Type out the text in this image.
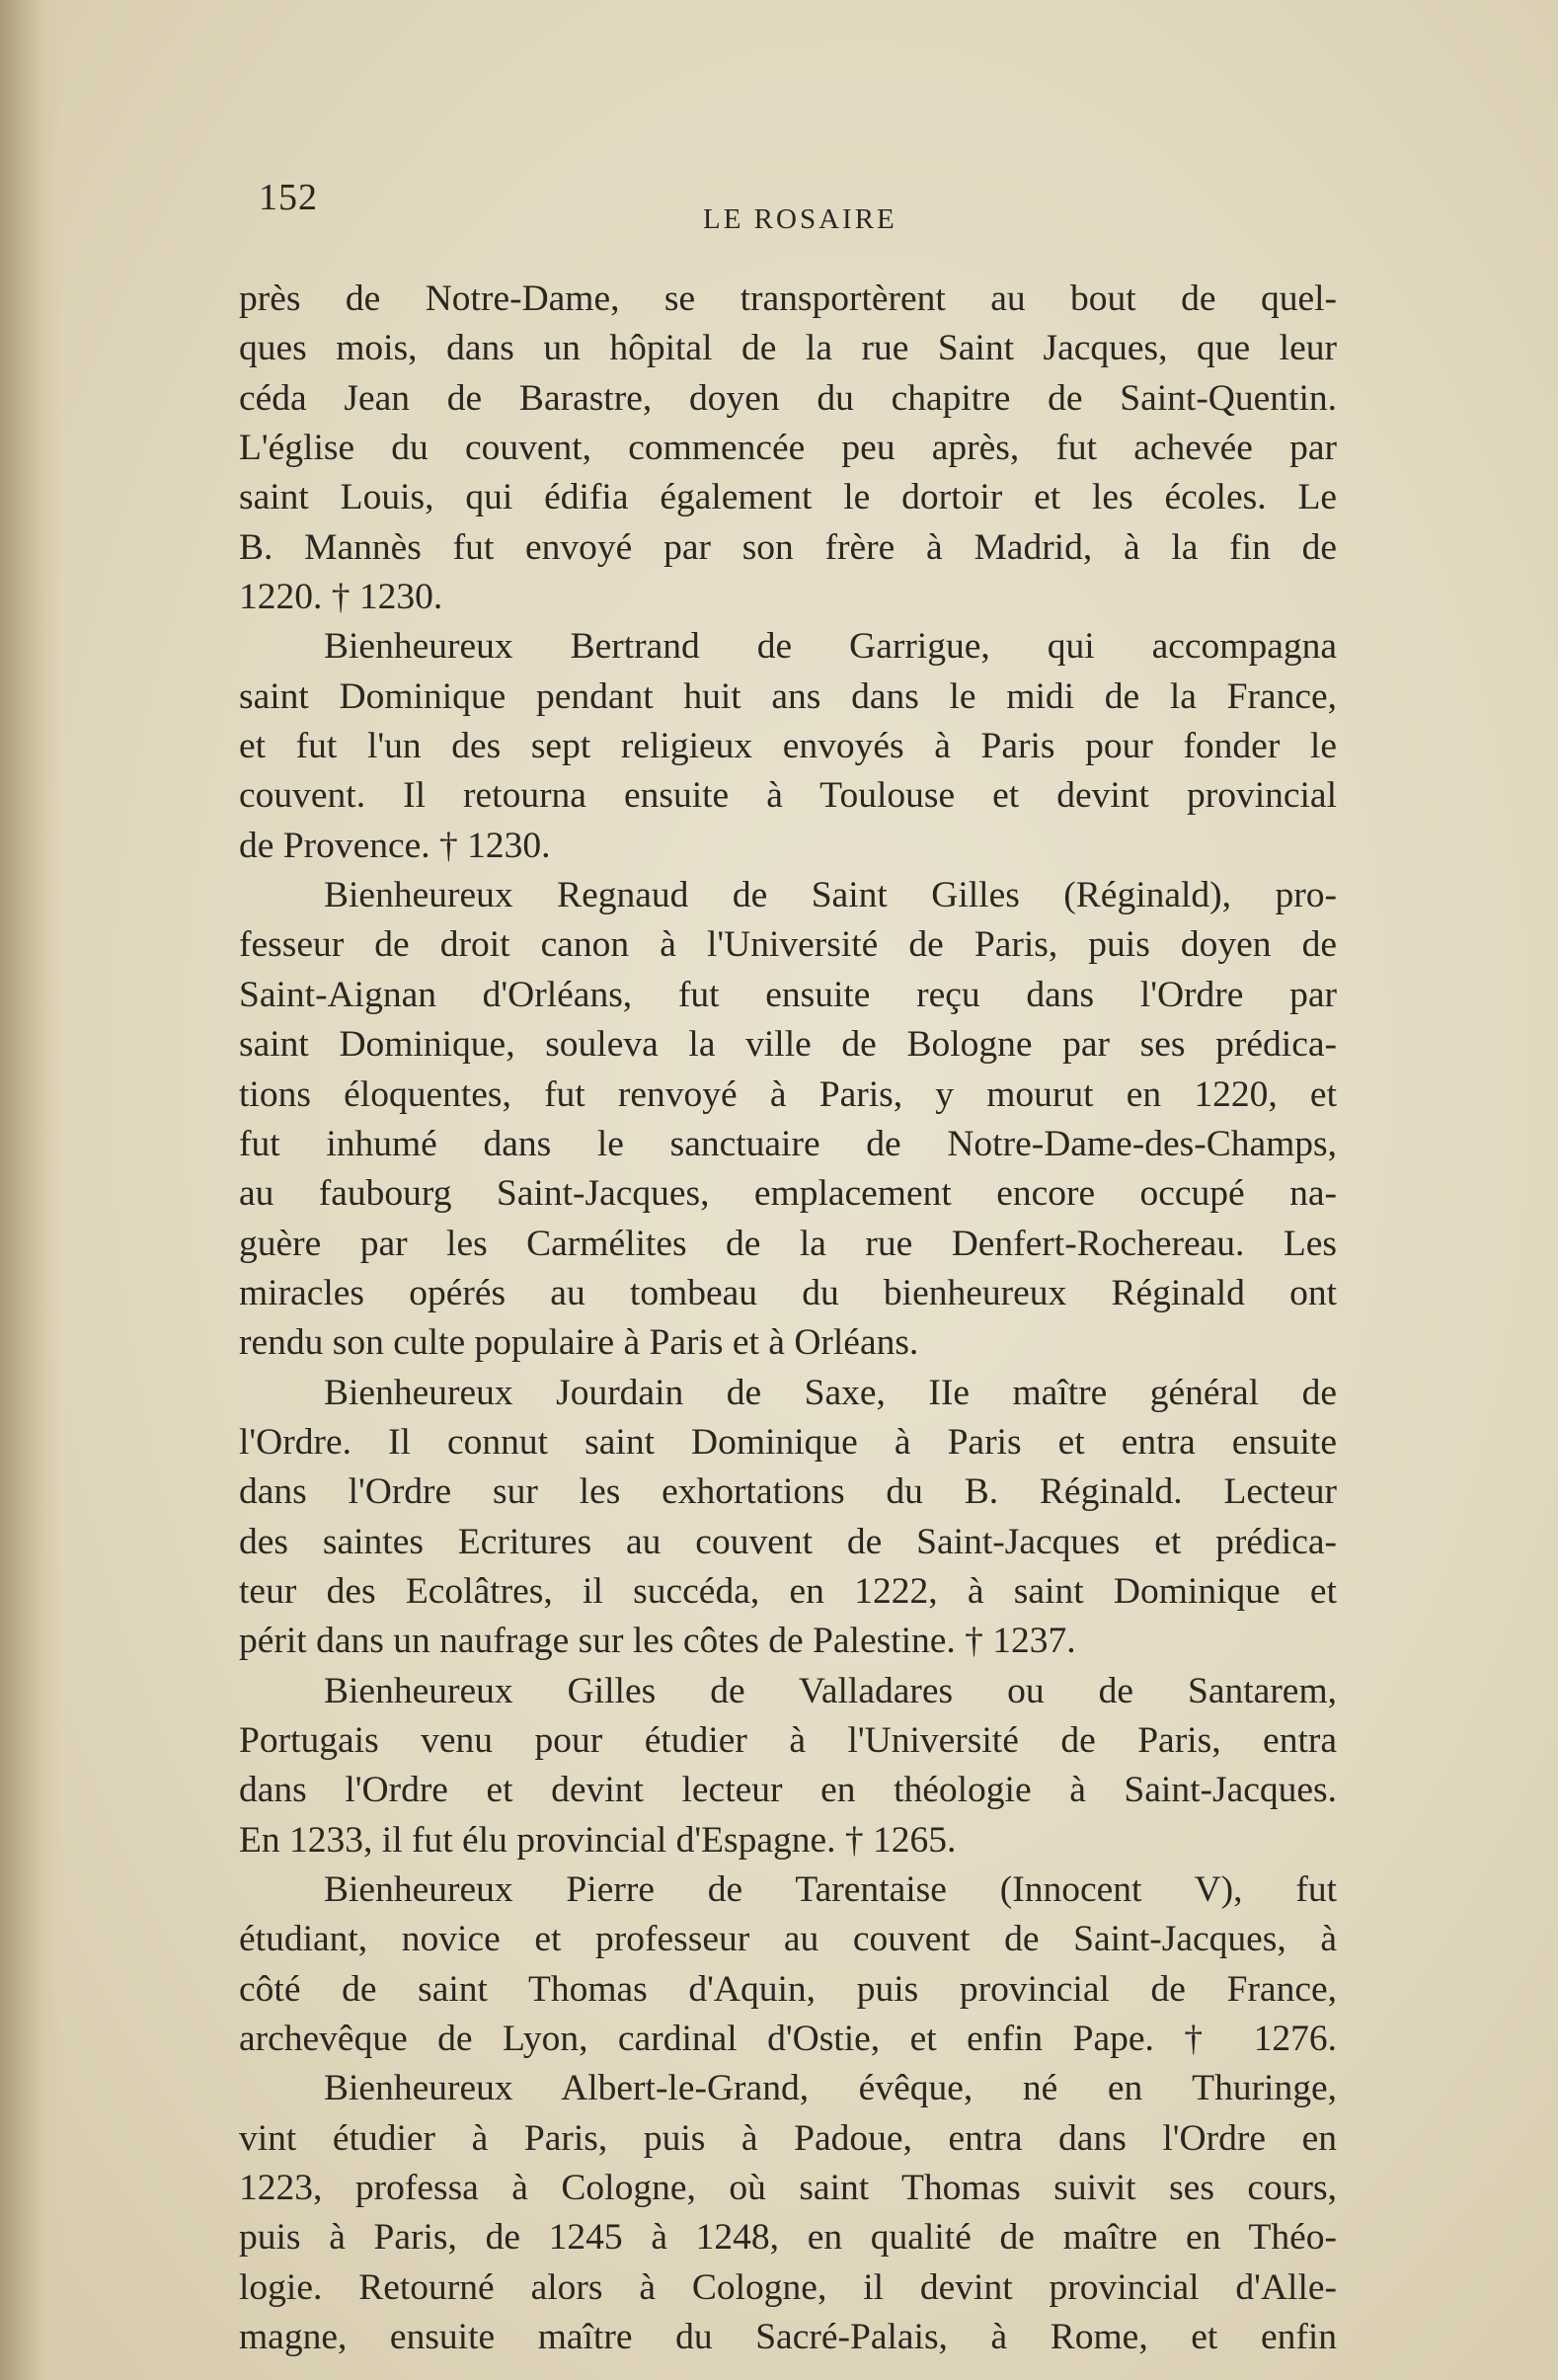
152
LE ROSAIRE
près de Notre-Dame, se transportèrent au bout de quel-
ques mois, dans un hôpital de la rue Saint Jacques, que leur
céda Jean de Barastre, doyen du chapitre de Saint-Quentin.
L'église du couvent, commencée peu après, fut achevée par
saint Louis, qui édifia également le dortoir et les écoles. Le
B. Mannès fut envoyé par son frère à Madrid, à la fin de
1220. † 1230.
Bienheureux Bertrand de Garrigue, qui accompagna
saint Dominique pendant huit ans dans le midi de la France,
et fut l'un des sept religieux envoyés à Paris pour fonder le
couvent. Il retourna ensuite à Toulouse et devint provincial
de Provence. † 1230.
Bienheureux Regnaud de Saint Gilles (Réginald), pro-
fesseur de droit canon à l'Université de Paris, puis doyen de
Saint-Aignan d'Orléans, fut ensuite reçu dans l'Ordre par
saint Dominique, souleva la ville de Bologne par ses prédica-
tions éloquentes, fut renvoyé à Paris, y mourut en 1220, et
fut inhumé dans le sanctuaire de Notre-Dame-des-Champs,
au faubourg Saint-Jacques, emplacement encore occupé na-
guère par les Carmélites de la rue Denfert-Rochereau. Les
miracles opérés au tombeau du bienheureux Réginald ont
rendu son culte populaire à Paris et à Orléans.
Bienheureux Jourdain de Saxe, IIe maître général de
l'Ordre. Il connut saint Dominique à Paris et entra ensuite
dans l'Ordre sur les exhortations du B. Réginald. Lecteur
des saintes Ecritures au couvent de Saint-Jacques et prédica-
teur des Ecolâtres, il succéda, en 1222, à saint Dominique et
périt dans un naufrage sur les côtes de Palestine. † 1237.
Bienheureux Gilles de Valladares ou de Santarem,
Portugais venu pour étudier à l'Université de Paris, entra
dans l'Ordre et devint lecteur en théologie à Saint-Jacques.
En 1233, il fut élu provincial d'Espagne. † 1265.
Bienheureux Pierre de Tarentaise (Innocent V), fut
étudiant, novice et professeur au couvent de Saint-Jacques, à
côté de saint Thomas d'Aquin, puis provincial de France,
archevêque de Lyon, cardinal d'Ostie, et enfin Pape. † 1276.
Bienheureux Albert-le-Grand, évêque, né en Thuringe,
vint étudier à Paris, puis à Padoue, entra dans l'Ordre en
1223, professa à Cologne, où saint Thomas suivit ses cours,
puis à Paris, de 1245 à 1248, en qualité de maître en Théo-
logie. Retourné alors à Cologne, il devint provincial d'Alle-
magne, ensuite maître du Sacré-Palais, à Rome, et enfin
